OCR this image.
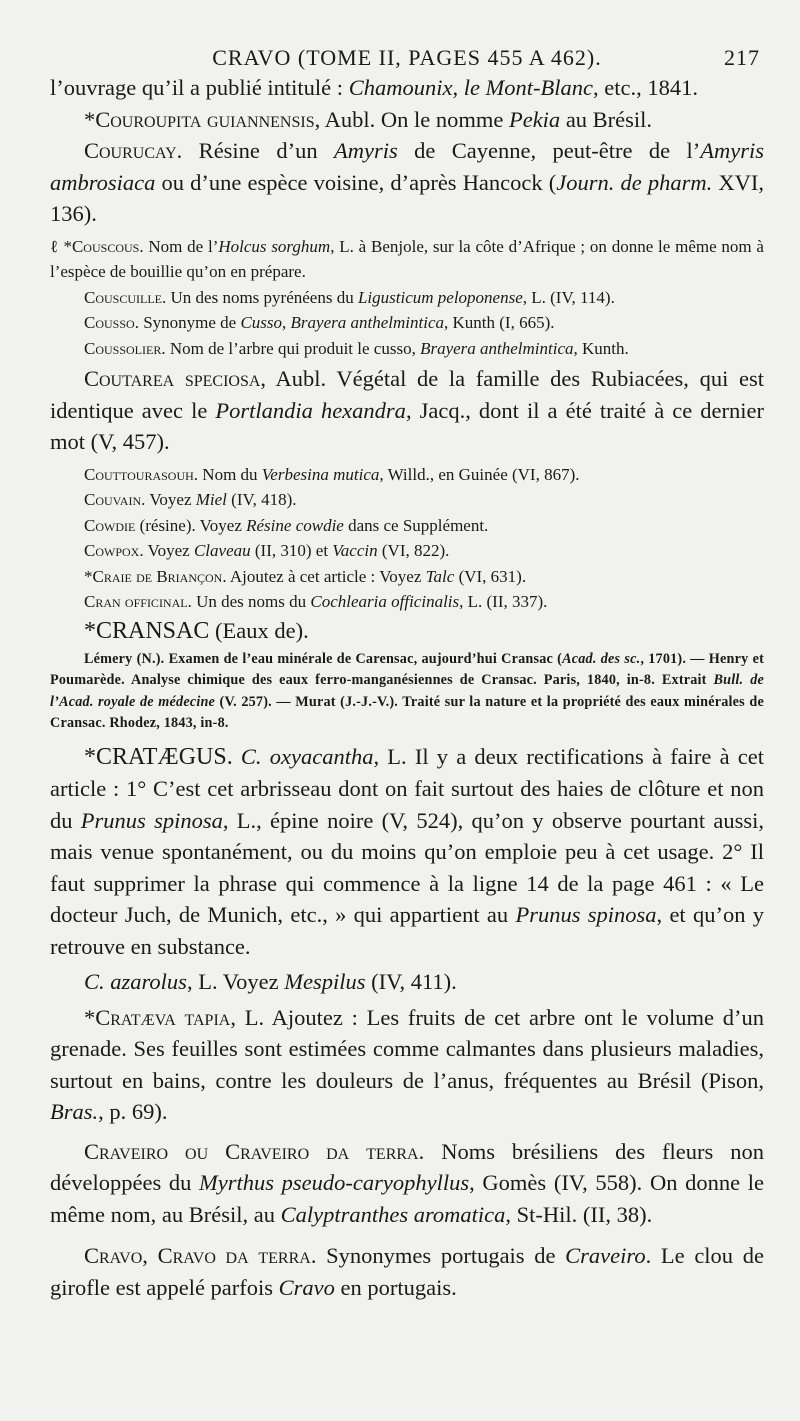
CRAVO (TOME II, PAGES 455 A 462).	217

l’ouvrage qu’il a publié intitulé : Chamounix, le Mont-Blanc, etc., 1841.

*Couroupita guiannensis, Aubl. On le nomme Pekia au Brésil.

Courucay. Résine d’un Amyris de Cayenne, peut-être de l’Amyris ambrosiaca ou d’une espèce voisine, d’après Hancock (Journ. de pharm. XVI, 136).

ℓ *Couscous. Nom de l’Holcus sorghum, L. à Benjole, sur la côte d’Afrique ; on donne le même nom à l’espèce de bouillie qu’on en prépare.

Couscuille. Un des noms pyrénéens du Ligusticum peloponense, L. (IV, 114).

Cousso. Synonyme de Cusso, Brayera anthelmintica, Kunth (I, 665).

Coussolier. Nom de l’arbre qui produit le cusso, Brayera anthelmintica, Kunth.

Coutarea speciosa, Aubl. Végétal de la famille des Rubiacées, qui est identique avec le Portlandia hexandra, Jacq., dont il a été traité à ce dernier mot (V, 457).

Couttourasouh. Nom du Verbesina mutica, Willd., en Guinée (VI, 867).

Couvain. Voyez Miel (IV, 418).

Cowdie (résine). Voyez Résine cowdie dans ce Supplément.

Cowpox. Voyez Claveau (II, 310) et Vaccin (VI, 822).

*Craie de Briançon. Ajoutez à cet article : Voyez Talc (VI, 631).

Cran officinal. Un des noms du Cochlearia officinalis, L. (II, 337).

*CRANSAC (Eaux de).

Lémery (N.). Examen de l’eau minérale de Carensac, aujourd’hui Cransac (Acad. des sc., 1701). — Henry et Poumarède. Analyse chimique des eaux ferro-manganésiennes de Cransac. Paris, 1840, in-8. Extrait Bull. de l’Acad. royale de médecine (V. 257). — Murat (J.-J.-V.). Traité sur la nature et la propriété des eaux minérales de Cransac. Rhodez, 1843, in-8.

*CRATÆGUS. C. oxyacantha, L. Il y a deux rectifications à faire à cet article : 1° C’est cet arbrisseau dont on fait surtout des haies de clôture et non du Prunus spinosa, L., épine noire (V, 524), qu’on y observe pourtant aussi, mais venue spontanément, ou du moins qu’on emploie peu à cet usage. 2° Il faut supprimer la phrase qui commence à la ligne 14 de la page 461 : « Le docteur Juch, de Munich, etc., » qui appartient au Prunus spinosa, et qu’on y retrouve en substance.

C. azarolus, L. Voyez Mespilus (IV, 411).

*Cratæva tapia, L. Ajoutez : Les fruits de cet arbre ont le volume d’un grenade. Ses feuilles sont estimées comme calmantes dans plusieurs maladies, surtout en bains, contre les douleurs de l’anus, fréquentes au Brésil (Pison, Bras., p. 69).

Craveiro ou Craveiro da terra. Noms brésiliens des fleurs non développées du Myrthus pseudo-caryophyllus, Gomès (IV, 558). On donne le même nom, au Brésil, au Calyptranthes aromatica, St-Hil. (II, 38).

Cravo, Cravo da terra. Synonymes portugais de Craveiro. Le clou de girofle est appelé parfois Cravo en portugais.
